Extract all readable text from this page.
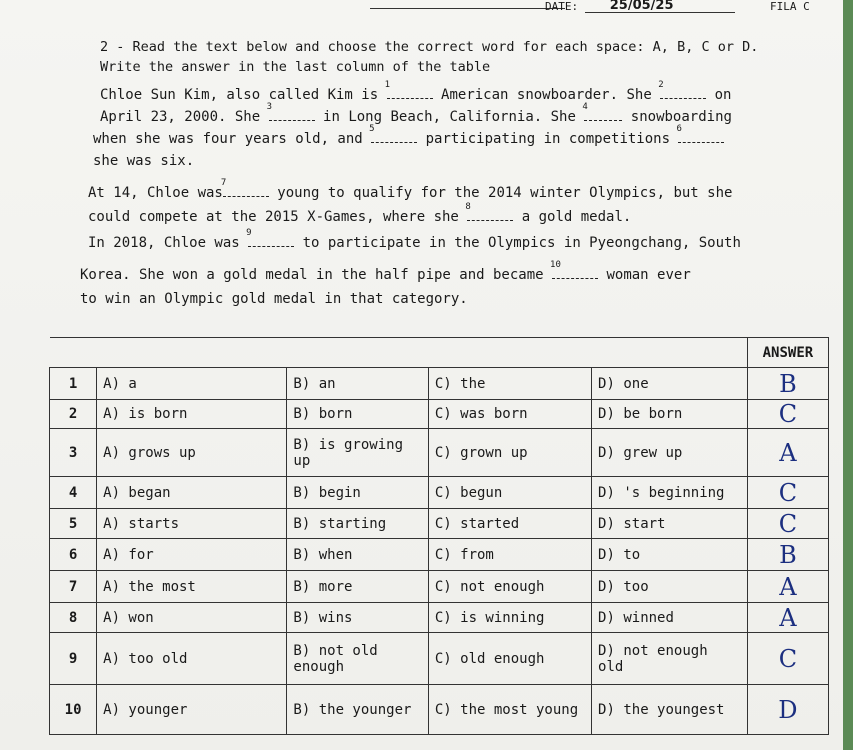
DATE: 25/05/25	FILA C
2 - Read the text below and choose the correct word for each space: A, B, C or D.
Write the answer in the last column of the table
Chloe Sun Kim, also called Kim is
1
American snowboarder. She
2
on
April 23, 2000. She
3
in Long Beach, California. She
4
snowboarding
when she was four years old, and
5
participating in competitions
6
she was six.
At 14, Chloe was
7
young to qualify for the 2014 winter Olympics, but she
could compete at the 2015 X-Games, where she
8
a gold medal.
In 2018, Chloe was
9
to participate in the Olympics in Pyeongchang, South
Korea. She won a gold medal in the half pipe and became
10
woman ever
to win an Olympic gold medal in that category.
					ANSWER
1	A) a	B) an	C) the	D) one	B
2	A) is born	B) born	C) was born	D) be born	C
3	A) grows up	B) is growing up	C) grown up	D) grew up	A
4	A) began	B) begin	C) begun	D) 's beginning	C
5	A) starts	B) starting	C) started	D) start	C
6	A) for	B) when	C) from	D) to	B
7	A) the most	B) more	C) not enough	D) too	A
8	A) won	B) wins	C) is winning	D) winned	A
9	A) too old	B) not old enough	C) old enough	D) not enough old	C
10	A) younger	B) the younger	C) the most young	D) the youngest	D
